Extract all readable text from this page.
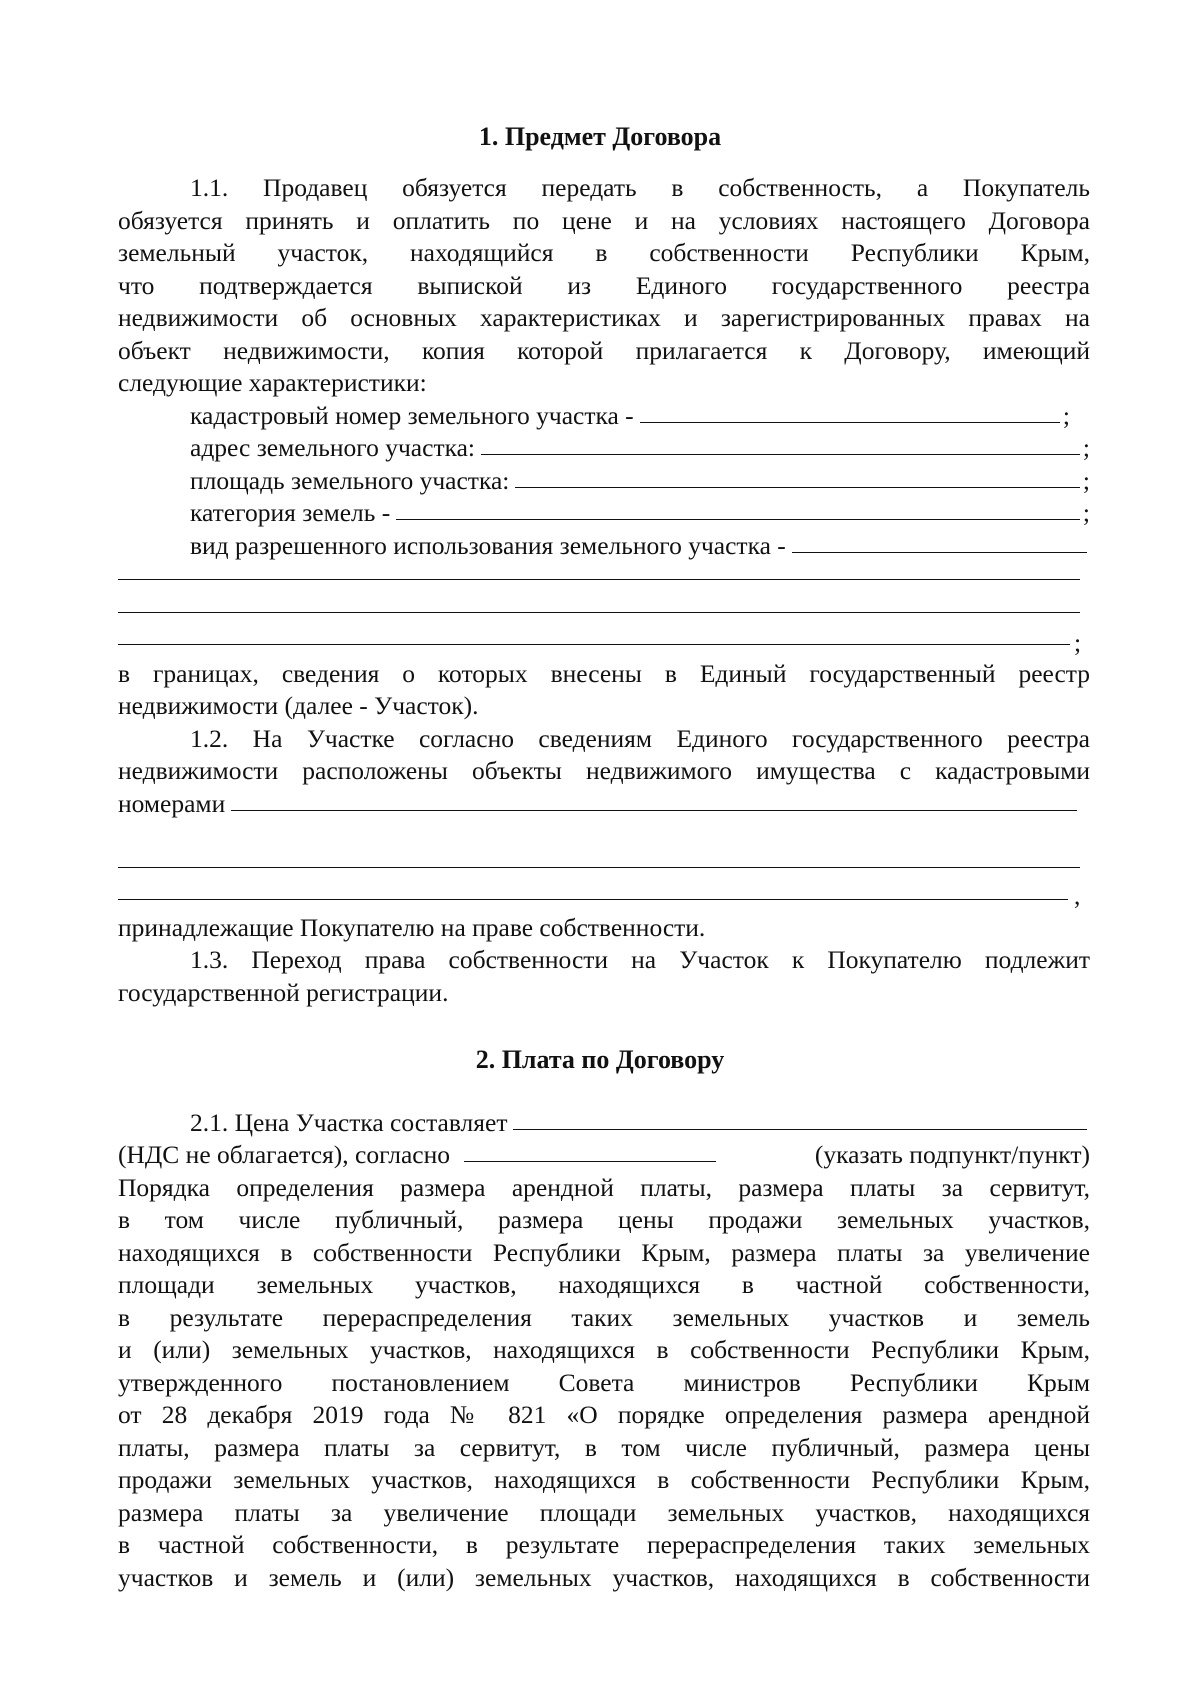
1. Предмет Договора
1.1. Продавец обязуется передать в собственность, а Покупатель
обязуется принять и оплатить по цене и на условиях настоящего Договора
земельный участок, находящийся в собственности Республики Крым,
что подтверждается выпиской из Единого государственного реестра
недвижимости об основных характеристиках и зарегистрированных правах на
объект недвижимости, копия которой прилагается к Договору, имеющий
следующие характеристики:
кадастровый номер земельного участка -	;
адрес земельного участка:	;
площадь земельного участка:	;
категория земель -	;
вид разрешенного использования земельного участка -
;
в границах, сведения о которых внесены в Единый государственный реестр
недвижимости (далее - Участок).
1.2. На Участке согласно сведениям Единого государственного реестра
недвижимости расположены объекты недвижимого имущества с кадастровыми
номерами
,
принадлежащие Покупателю на праве собственности.
1.3. Переход права собственности на Участок к Покупателю подлежит
государственной регистрации.
2. Плата по Договору
2.1. Цена Участка составляет
(НДС не облагается), согласно	(указать подпункт/пункт)
Порядка определения размера арендной платы, размера платы за сервитут,
в том числе публичный, размера цены продажи земельных участков,
находящихся в собственности Республики Крым, размера платы за увеличение
площади земельных участков, находящихся в частной собственности,
в результате перераспределения таких земельных участков и земель
и (или) земельных участков, находящихся в собственности Республики Крым,
утвержденного постановлением Совета министров Республики Крым
от 28 декабря 2019 года № 821 «О порядке определения размера арендной
платы, размера платы за сервитут, в том числе публичный, размера цены
продажи земельных участков, находящихся в собственности Республики Крым,
размера платы за увеличение площади земельных участков, находящихся
в частной собственности, в результате перераспределения таких земельных
участков и земель и (или) земельных участков, находящихся в собственности
